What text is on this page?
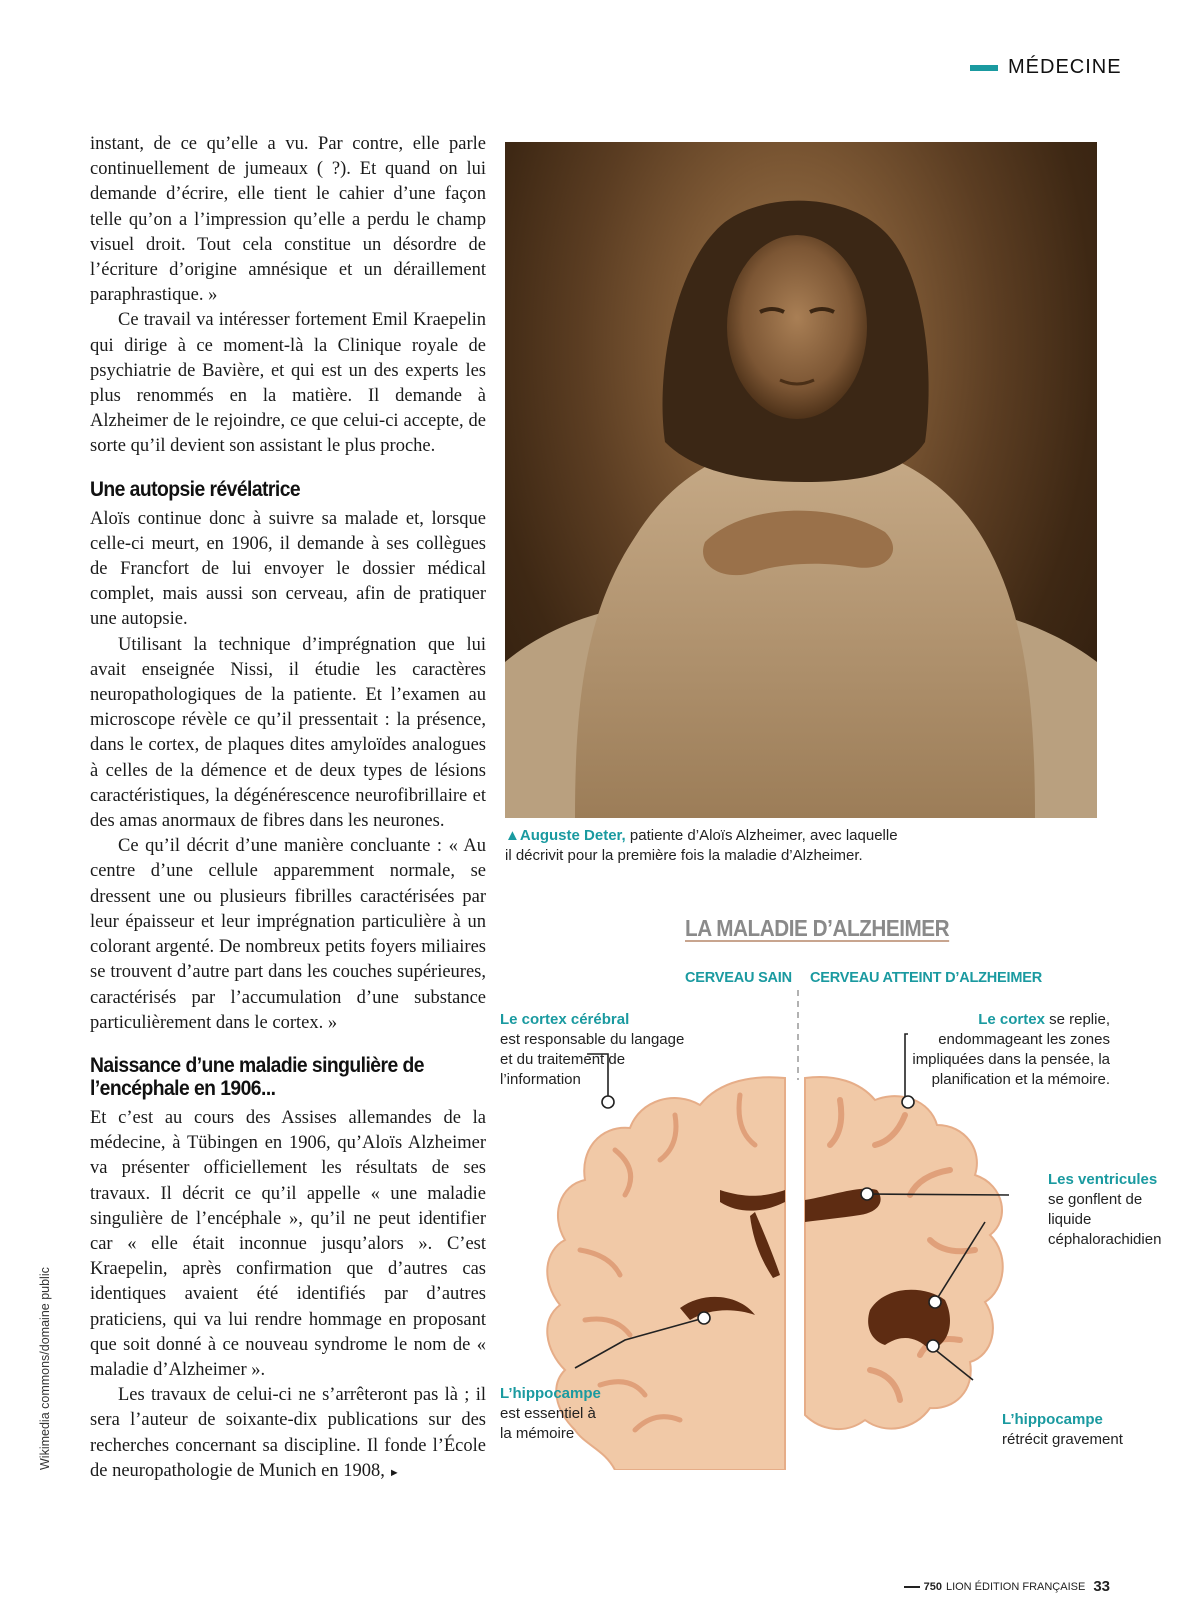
MÉDECINE

instant, de ce qu’elle a vu. Par contre, elle parle continuellement de jumeaux ( ?). Et quand on lui demande d’écrire, elle tient le cahier d’une façon telle qu’on a l’impression qu’elle a perdu le champ visuel droit. Tout cela constitue un désordre de l’écriture d’origine amnésique et un déraillement paraphrastique. »

Ce travail va intéresser fortement Emil Kraepelin qui dirige à ce moment-là la Clinique royale de psychiatrie de Bavière, et qui est un des experts les plus renommés en la matière. Il demande à Alzheimer de le rejoindre, ce que celui-ci accepte, de sorte qu’il devient son assistant le plus proche.

Une autopsie révélatrice

Aloïs continue donc à suivre sa malade et, lorsque celle-ci meurt, en 1906, il demande à ses collègues de Francfort de lui envoyer le dossier médical complet, mais aussi son cerveau, afin de pratiquer une autopsie.

Utilisant la technique d’imprégnation que lui avait enseignée Nissi, il étudie les caractères neuropathologiques de la patiente. Et l’examen au microscope révèle ce qu’il pressentait : la présence, dans le cortex, de plaques dites amyloïdes analogues à celles de la démence et de deux types de lésions caractéristiques, la dégénérescence neurofibrillaire et des amas anormaux de fibres dans les neurones.

Ce qu’il décrit d’une manière concluante : « Au centre d’une cellule apparemment normale, se dressent une ou plusieurs fibrilles caractérisées par leur épaisseur et leur imprégnation particulière à un colorant argenté. De nombreux petits foyers miliaires se trouvent d’autre part dans les couches supérieures, caractérisés par l’accumulation d’une substance particulièrement dans le cortex. »

Naissance d’une maladie singulière de l’encéphale en 1906...

Et c’est au cours des Assises allemandes de la médecine, à Tübingen en 1906, qu’Aloïs Alzheimer va présenter officiellement les résultats de ses travaux. Il décrit ce qu’il appelle « une maladie singulière de l’encéphale », qu’il ne peut identifier car « elle était inconnue jusqu’alors ». C’est Kraepelin, après confirmation que d’autres cas identiques avaient été identifiés par d’autres praticiens, qui va lui rendre hommage en proposant que soit donné à ce nouveau syndrome le nom de « maladie d’Alzheimer ».

Les travaux de celui-ci ne s’arrêteront pas là ; il sera l’auteur de soixante-dix publications sur des recherches concernant sa discipline. Il fonde l’École de neuropathologie de Munich en 1908, ►

▲Auguste Deter, patiente d’Aloïs Alzheimer, avec laquelle il décrivit pour la première fois la maladie d’Alzheimer.
LA MALADIE D’ALZHEIMER
CERVEAU SAIN CERVEAU ATTEINT D’ALZHEIMER
Le cortex cérébral
est responsable du langage et du traitement de l’information
L’hippocampe
est essentiel à la mémoire
Le cortex se replie, endommageant les zones impliquées dans la pensée, la planification et la mémoire.
Les ventricules
se gonflent de liquide céphalorachidien
L’hippocampe
rétrécit gravement
Wikimedia commons/domaine public
750 LION ÉDITION FRANÇAISE 33
